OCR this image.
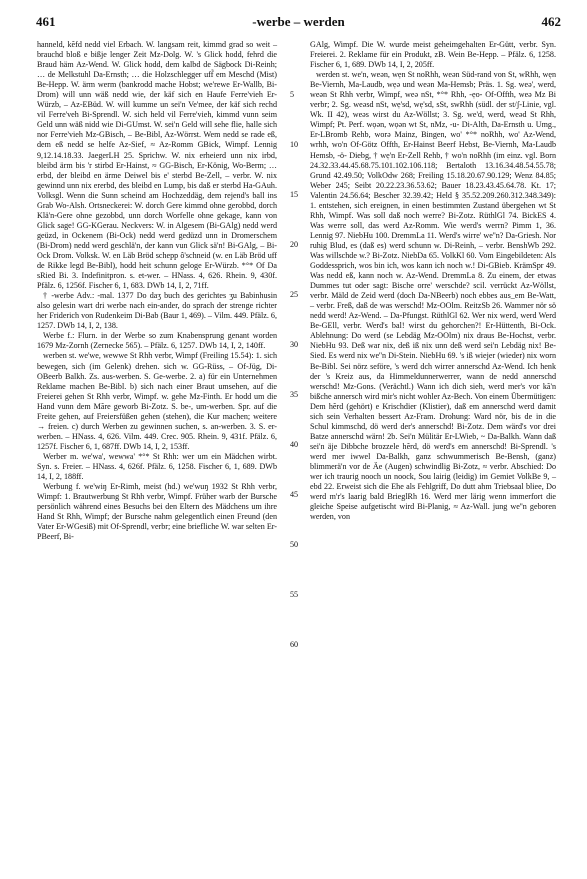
461	-werbe – werden	462

hanneld, kẽfd nedd viel Erbach. W. langsam reit, kimmd grad so weit – brauchd bloß e bißje lenger Zeit Mz-Dolg. W. 's Glick hodd, fehrd die Braud häm Az-Wend. W. Glick hodd, dem kalbd de Sägbock Di-Reinh; … de Melkstuhl Da-Ernsth; … die Holzschlegger uff̃ em Meschd (Mist) Be-Hepp. W. ärm werm (bankrodd mache Hobst; we'rewe Er-Wallb, Bi-Drom) will unn wäß nedd wie, der käf sich en Haufe Ferre'vieh Er-Würzb, – Az-EBüd. W. will kumme un sei'n Ve'mee, der käf sich rechd vil Ferre'veh Bi-Sprendl. W. sich held vil Ferre'vieh, kimmd vunn seim Geld unn wäß nidd wie Di-GUmst. W. sei'n Geld will sehe flie, halle sich nor Ferre'vieh Mz-GBisch, – Be-Bibl, Az-Wörrst. Wem nedd se rade eß, dem eß nedd se helfe Az-Sief, ≈ Az-Romm GBick, Wimpf. Lennig 9,12.14.18.33. JaegerLH 25. Sprichw. W. nix erheierd unn nix irbd, bleibd ärm bis 'r stirbd Er-Hainst, ≈ GG-Bisch, Er-König, Wo-Berm; … erbd, der bleibd en ärme Deiwel bis e' sterbd Be-Zell, – verbr. W. nix gewinnd unn nix ererbd, des bleibd en Lump, bis daß er sterbd Ha-GAuh. Volksgl. Wenn die Sunn scheind am Hochzeddäg, dem rejend's ball ins Grab Wo-Alsh. Ortsneckerei: W. dorch Gere kimmd ohne gerobbd, dorch Klä'n-Gere ohne gezobbd, unn dorch Worfelle ohne gekage, kann von Glick sage! GG-KGerau. Neckvers: W. in Algesem (Bi-GAlg) nedd werd geüzd, in Ockenem (Bi-Ock) nedd werd gedüzd unn in Dromerschem (Bi-Drom) nedd werd geschlä'n, der kann vun Glick sä'n! Bi-GAlg, – Bi-Ock Drom. Volksk. W. en Läb Bröd schepp ô'schneid (w. en Läb Bröd uff de Rikke legd Be-Bibl), hodd heit schunn geloge Er-Würzb. *°* Of Da sRied Bi. 3. Indefinitpron. s. et-wer. – HNass. 4, 626. Rhein. 9, 430f. Pfälz. 6, 1256f. Fischer 6, 1, 683. DWb 14, I, 2, 71ff.

† -werbe Adv.: -mal. 1377 Do daʒ buch des gerichtes ʒu Babinhusin also gelesin wart dri werbe nach ein-ander, do sprach der strenge richter her Friderich von Rudenkeim Di-Bab (Baur 1, 469). – Vilm. 449. Pfälz. 6, 1257. DWb 14, I, 2, 138.

Werbe f.: Flurn. in der Werbe so zum Knabensprung genant worden 1679 Mz-Zornh (Zernecke 565). – Pfälz. 6, 1257. DWb 14, I, 2, 140ff.

werben st. we'we, wewwe St Rhh verbr, Wimpf (Freiling 15.54): 1. sich bewegen, sich (im Gelenk) drehen. sich w. GG-Rüss, – Of-Jüg, Di-OBeerb Balkh. Zs. aus-werben. S. Ge-werbe. 2. a) für ein Unternehmen Reklame machen Be-Bibl. b) sich nach einer Braut umsehen, auf die Freierei gehen St Rhh verbr, Wimpf. w. gehe Mz-Finth. Er hodd um die Hand vunn dem Mãre geworb Bi-Zotz. S. be-, um-werben. Spr. auf die Freite gehen, auf Freiersfüßen gehen (stehen), die Kur machen; weitere → freien. c) durch Werben zu gewinnen suchen, s. an-werben. 3. S. er-werben. – HNass. 4, 626. Vilm. 449. Crec. 905. Rhein. 9, 431f. Pfälz. 6, 1257f. Fischer 6, 1, 687ff. DWb 14, I, 2, 153ff.

Werber m. we'wa', wewwa' *°* St Rhh: wer um ein Mädchen wirbt. Syn. s. Freier. – HNass. 4, 626f. Pfälz. 6, 1258. Fischer 6, 1, 689. DWb 14, I, 2, 188ff.

Werbung f. we'wiŋ Er-Rimh, meist (hd.) we'wuŋ 1932 St Rhh verbr, Wimpf: 1. Brautwerbung St Rhh verbr, Wimpf. Früher warb der Bursche persönlich während eines Besuchs bei den Eltern des Mädchens um ihre Hand St Rhh, Wimpf; der Bursche nahm gelegentlich einen Freund (den Vater Er-WGesiß) mit Of-Sprendl, verbr; eine briefliche W. war selten Er-PBeerf, Bi-

5
10
15
20
25
30
35
40
45
50
55
60

GAlg, Wimpf. Die W. wurde meist geheimgehalten Er-Gütt, verbr. Syn. Freierei. 2. Reklame für ein Produkt, zB. Wein Be-Hepp. – Pfälz. 6, 1258. Fischer 6, 1, 689. DWb 14, I, 2, 205ff.

werden st. we'n, weən, wẹn St noRhh, weən Süd-rand von St, wRhh, wẹn Be-Viernh, Ma-Laudb, wẹə und weən Ma-Hemsb; Präs. 1. Sg. weə', werd, weən St Rhh verbr, Wimpf, weə nSt, *°* Rhh, -ẹo- Of-Offth, weə Mz Bi verbr; 2. Sg. weəsd nSt, wẹ'sd, wẹ'sd, sSt, swRhh (südl. der st/ʃ-Linie, vgl. Wk. II 42), weəs wirst du Az-Wöllst; 3. Sg. we'd, werd, weəd St Rhh, Wimpf; Pt. Perf. wọən, wọən wt St, nMz, -u- Di-Alth, Da-Ernsth u. Umg., Er-LBromb Rehb, worə Mainz, Bingen, wo' *°* noRhh, wo' Az-Wend, wrhh, wo'n Of-Götz Offth, Er-Hainst Beerf Hebst, Be-Viernh, Ma-Laudb Hemsb, -ö- Diebg, † wẹ'n Er-Zell Rehb, † wo'n noRhh (im einz. vgl. Born 24.32.33.44.45.68.75.101.102.106.118; Bertaloth 13.16.34.48.54.55.78; Grund 42.49.50; VolkOdw 268; Freiling 15.18.20.67.90.129; Wenz 84.85; Weber 245; Seibt 20.22.23.36.53.62; Bauer 18.23.43.45.64.78. Kt. 17; Valentin 24.56.64; Bescher 32.39.42; Held § 35.52.209.260.312.348.349): 1. entstehen, sich ereignen, in einen bestimmten Zustand übergehen wt St Rhh, Wimpf. Was soll daß noch werre? Bi-Zotz. RüthlGl 74. BickES 4. Was werre soll, das werd Az-Romm. Wie werd's werrn? Pimm 1, 36. Lennig 97. NiebHu 100. DremmLa 11. Werd's wirre' we''n? Da-Griesh. Nor ruhig Blud, es (daß es) werd schunn w. Di-Reinh, – verbr. BenshWb 292. Was willschde w.? Bi-Zotz. NiebDa 65. VolkKl 60. Vom Eingebildeten: Als Goddessprich, wos bin ich, wos kann ich noch w.! Di-GBieb. KrämSpr 49. Was nedd eß, kann noch w. Az-Wend. DremmLa 8. Zu einem, der etwas Dummes tut oder sagt: Bische orre' werschde? scil. verrückt Az-Wöllst, verbr. Mäld de Zeid werd (doch Da-NBeerb) noch ebbes aus_em Be-Watt, – verbr. Freß, daß de was werschd! Mz-OOlm. ReitzSb 26. Wammer nör sö nedd werd! Az-Wend. – Da-Pfungst. RüthlGl 62. Wer nix werd, werd Werd Be-GEll, verbr. Werd's bal! wirst du gehorchen?! Er-Hüttenth, Bi-Ock. Ablehnung: Do werd (se Lebdäg Mz-OOlm) nix draus Be-Hochst, verbr. NiebHu 93. Deß war nix, deß iß nix unn deß werd sei'n Lebdäg nix! Be-Sied. Es werd nix we''n Di-Stein. NiebHu 69. 's iß wiejer (wieder) nix worn Be-Bibl. Sei nörz seföre, 's werd dch wirrer annerschd Az-Wend. Ich henk der 's Kreiz aus, da Himmeldunnerwerrer, wann de nedd annerschd werschd! Mz-Gons. (Verächtl.) Wann ich dich sieh, werd mer's vor kã'n bißche annersch wird mir's nicht wohler Az-Bech. Von einem Übermütigen: Dem hẽrd (gehört) e Krischdier (Klistier), daß em annerschd werd damit sich sein Verhalten bessert Az-Fram. Drohung: Ward nör, bis de in die Schul kimmschd, dö werd der's annerschd! Bi-Zotz. Dem wärd's vor drei Batze annerschd wärn! 2b. Sei'n Mülitär Er-LWieb, ~ Da-Balkh. Wann daß sei'n äje Dibbche brozzele hẽrd, dö werd's em annerschd! Bi-Sprendl. 's werd mer iwwel Da-Balkh, ganz schwummerisch Be-Bensh, (ganz) blimmerä'n vor de Äe (Augen) schwindlig Bi-Zotz, ≈ verbr. Abschied: Do wer ich traurig nooch un noock, Sou lairig (leidig) im Gemiet VolkBe 9, – ebd 22. Erweist sich die Ehe als Fehlgriff, Do dutt ahm Triebsaal bliee, Do werd m'r's laarig bald BrieglRh 16. Werd mer lärig wenn immerfort die gleiche Speise aufgetischt wird Bi-Planig, ≈ Az-Wall. jung we''n geboren werden, von
